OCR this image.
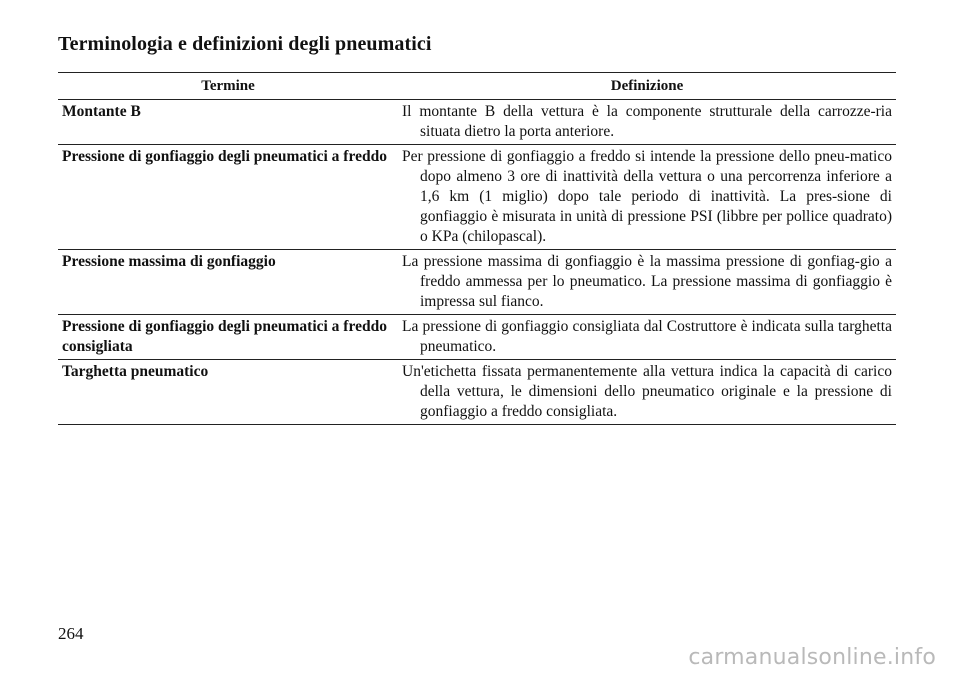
Terminologia e definizioni degli pneumatici
Termine	Definizione
Montante B	Il montante B della vettura è la componente strutturale della carrozze-ria situata dietro la porta anteriore.

Pressione di gonfiaggio degli pneumatici a freddo	Per pressione di gonfiaggio a freddo si intende la pressione dello pneu-matico dopo almeno 3 ore di inattività della vettura o una percorrenza inferiore a 1,6 km (1 miglio) dopo tale periodo di inattività. La pres-sione di gonfiaggio è misurata in unità di pressione PSI (libbre per pollice quadrato) o KPa (chilopascal).

Pressione massima di gonfiaggio	La pressione massima di gonfiaggio è la massima pressione di gonfiag-gio a freddo ammessa per lo pneumatico. La pressione massima di gonfiaggio è impressa sul fianco.

Pressione di gonfiaggio degli pneumatici a freddo consigliata	La pressione di gonfiaggio consigliata dal Costruttore è indicata sulla targhetta pneumatico.

Targhetta pneumatico	Un'etichetta fissata permanentemente alla vettura indica la capacità di carico della vettura, le dimensioni dello pneumatico originale e la pressione di gonfiaggio a freddo consigliata.
264
carmanualsonline.info
